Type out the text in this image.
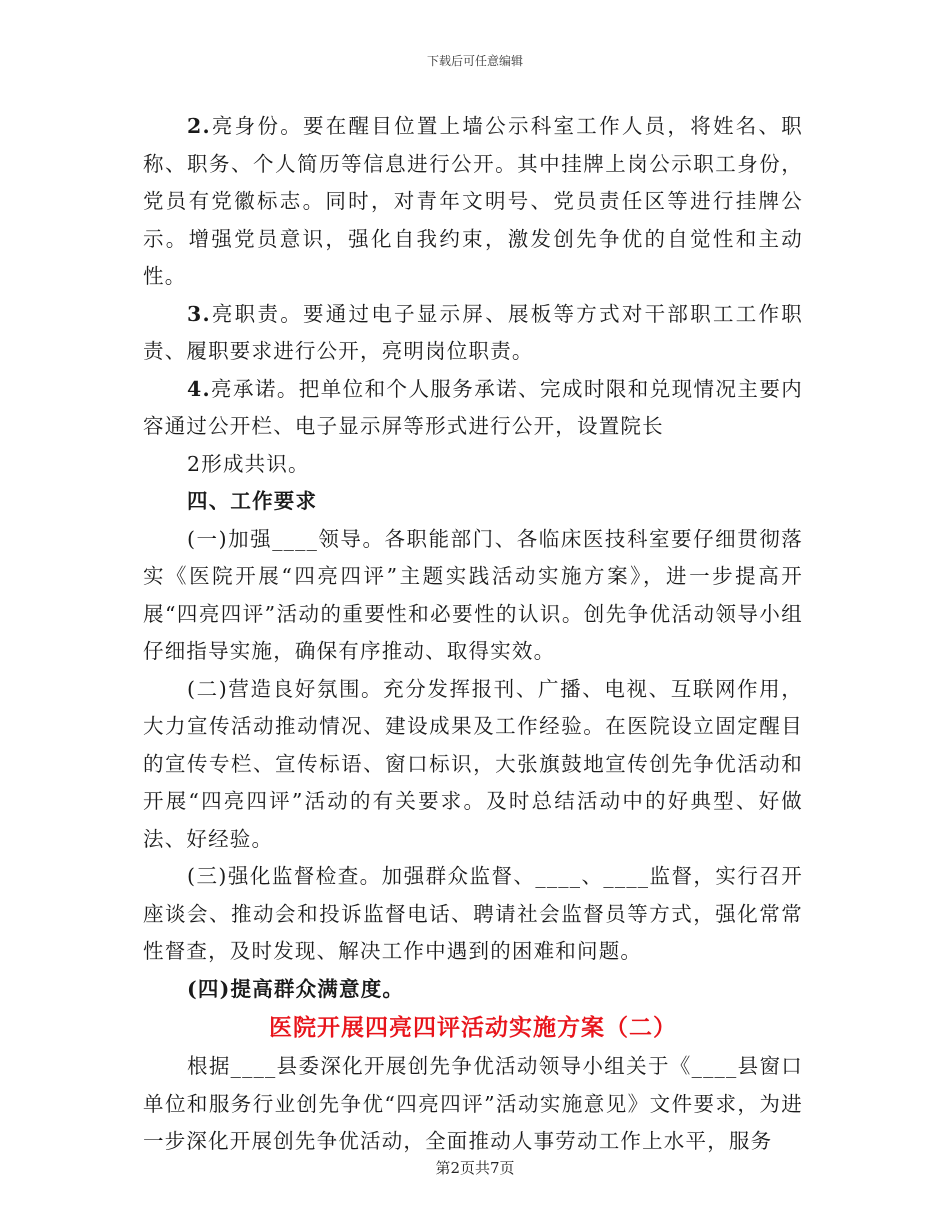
下载后可任意编辑

2.亮身份。要在醒目位置上墙公示科室工作人员，将姓名、职称、职务、个人简历等信息进行公开。其中挂牌上岗公示职工身份，党员有党徽标志。同时，对青年文明号、党员责任区等进行挂牌公示。增强党员意识，强化自我约束，激发创先争优的自觉性和主动性。

3.亮职责。要通过电子显示屏、展板等方式对干部职工工作职责、履职要求进行公开，亮明岗位职责。

4.亮承诺。把单位和个人服务承诺、完成时限和兑现情况主要内容通过公开栏、电子显示屏等形式进行公开，设置院长

2形成共识。

四、工作要求

(一)加强____领导。各职能部门、各临床医技科室要仔细贯彻落实《医院开展“四亮四评”主题实践活动实施方案》，进一步提高开展“四亮四评”活动的重要性和必要性的认识。创先争优活动领导小组仔细指导实施，确保有序推动、取得实效。

(二)营造良好氛围。充分发挥报刊、广播、电视、互联网作用，大力宣传活动推动情况、建设成果及工作经验。在医院设立固定醒目的宣传专栏、宣传标语、窗口标识，大张旗鼓地宣传创先争优活动和开展“四亮四评”活动的有关要求。及时总结活动中的好典型、好做法、好经验。

(三)强化监督检查。加强群众监督、____、____监督，实行召开座谈会、推动会和投诉监督电话、聘请社会监督员等方式，强化常常性督查，及时发现、解决工作中遇到的困难和问题。

(四)提高群众满意度。

医院开展四亮四评活动实施方案（二）

根据____县委深化开展创先争优活动领导小组关于《____县窗口单位和服务行业创先争优“四亮四评”活动实施意见》文件要求，为进一步深化开展创先争优活动，全面推动人事劳动工作上水平，服务

第2页共7页
